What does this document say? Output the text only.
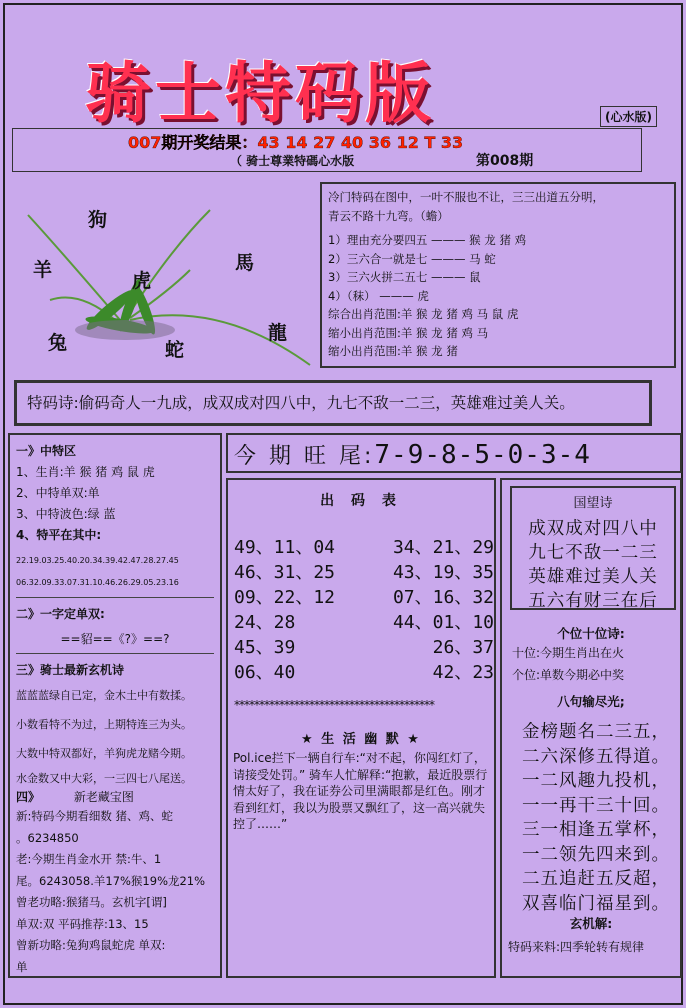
骑士特码版	(心水版)
007期开奖结果：43 14 27 40 36 12 T 33
（ 骑士尊業特碼心水版	第008期
狗
羊	虎
馬
兔	蛇
龍
冷门特码在图中，一叶不服也不让，三三出道五分明，
青云不路十九弯。（蟾）
1）理由充分要四五 ——— 猴 龙 猪 鸡
2）三六合一就是七 ——— 马 蛇
3）三六火拼二五七 ——— 鼠
4）（秣） ——— 虎
综合出肖范围:羊 猴 龙 猪 鸡 马 鼠 虎
缩小出肖范围:羊 猴 龙 猪 鸡 马
缩小出肖范围:羊 猴 龙 猪
特码诗:偷码奇人一九成，成双成对四八中，九七不敌一二三，英雄难过美人关。
一》中特区
1、生肖:羊 猴 猪 鸡 鼠 虎
2、中特单双:单
3、中特波色:绿 蓝
4、特平在其中:
22.19.03.25.40.20.34.39.42.47.28.27.45
06.32.09.33.07.31.10.46.26.29.05.23.16
二》一字定单双:
==貂==《?》==?
三》骑士最新玄机诗
蓝蓝蓝绿自已定，金木土中有数揉。
小数看特不为过，上期特连三为头。
大数中特双都好，羊狗虎龙赌今期。
水金数又中大彩，一三四七八尾送。
四》	新老藏宝图
新:特码今期看细数 猪、鸡、蛇
。6234850
老:今期生肖金水开 禁:牛、1
尾。6243058.羊17%猴19%龙21%
曾老功略:猴猪马。玄机字[谓]
单双:双 平码推荐:13、15
曾新功略:兔狗鸡鼠蛇虎 单双:
单
今 期 旺 尾:7-9-8-5-0-3-4
出 码 表
49、11、04	34、21、29
46、31、25	43、19、35
09、22、12	07、16、32
24、28	44、01、10
45、39	26、37
06、40	42、23
****************************************
★ 生 活 幽 默 ★
Pol.ice拦下一辆自行车:“对不起，你闯红灯了，请接受处罚。” 骑车人忙解释:“抱歉，最近股票行情太好了，我在证券公司里满眼都是红色。刚才看到红灯，我以为股票又飘红了，这一高兴就失控了……”
国望诗
成双成对四八中
九七不敌一二三
英雄难过美人关
五六有财三在后
个位十位诗:
十位:今期生肖出在火
个位:单数今期必中奖
八句输尽光;
金榜题名二三五，
二六深修五得道。
一二风趣九投机，
一一再干三十回。
三一相逢五掌杯，
一二领先四来到。
二五追赶五反超，
双喜临门福星到。
玄机解:
特码来料:四季轮转有规律
